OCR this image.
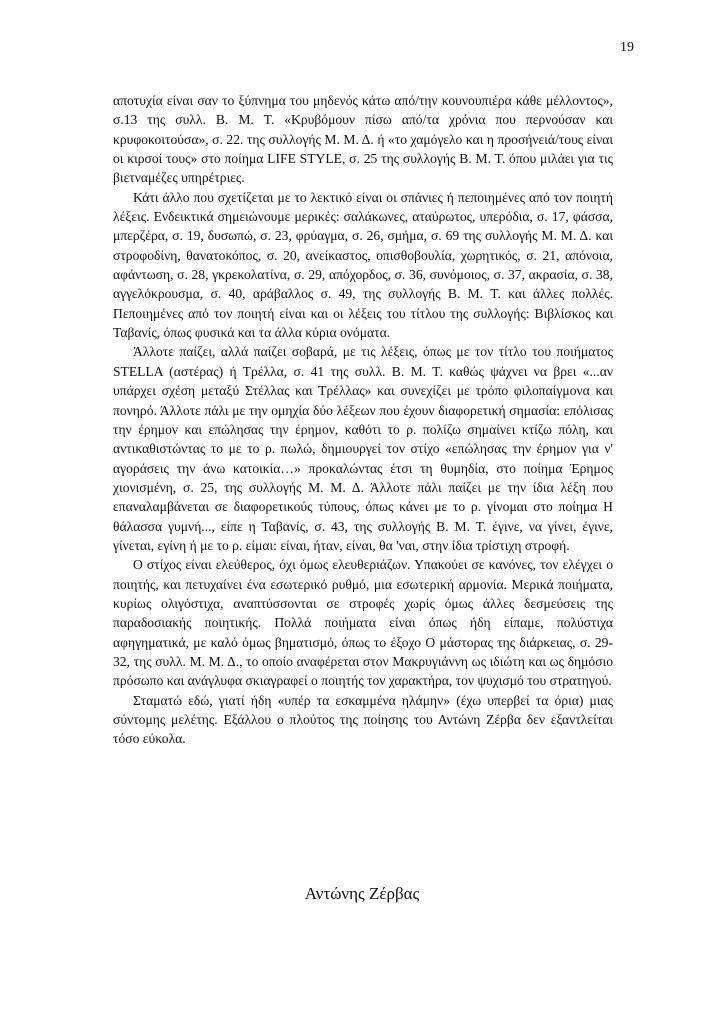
19

αποτυχία είναι σαν το ξύπνημα του μηδενός κάτω από/την κουνουπιέρα κάθε μέλλοντος», σ.13 της συλλ. Β. Μ. Τ. «Κρυβόμουν πίσω από/τα χρόνια που περνούσαν και κρυφοκοιτούσα», σ. 22. της συλλογής Μ. Μ. Δ. ή «το χαμόγελο και η προσήνειά/τους είναι οι κιρσοί τους» στο ποίημα LIFE STYLE, σ. 25 της συλλογής Β. Μ. Τ. όπου μιλάει για τις βιετναμέζες υπηρέτριες.

Κάτι άλλο που σχετίζεται με το λεκτικό είναι οι σπάνιες ή πεποιημένες από τον ποιητή λέξεις. Ενδεικτικά σημειώνουμε μερικές: σαλάκωνες, αταύρωτος, υπερόδια, σ. 17, φάσσα, μπερζέρα, σ. 19, δυσωπώ, σ. 23, φρύαγμα, σ. 26, σμήμα, σ. 69 της συλλογής Μ. Μ. Δ. και στροφοδίνη, θανατοκόπος, σ. 20, ανείκαστος, οπισθοβουλία, χωρητικός, σ. 21, απόνοια, αφάντωση, σ. 28, γκρεκολατίνα, σ. 29, απόχορδος, σ. 36, συνόμοιος, σ. 37, ακρασία, σ. 38, αγγελόκρουσμα, σ. 40, αράβαλλος σ. 49, της συλλογής Β. Μ. Τ. και άλλες πολλές. Πεποιημένες από τον ποιητή είναι και οι λέξεις του τίτλου της συλλογής: Βιβλίσκος και Ταβανίς, όπως φυσικά και τα άλλα κύρια ονόματα.

Άλλοτε παίζει, αλλά παίζει σοβαρά, με τις λέξεις, όπως με τον τίτλο του ποιήματος STELLA (αστέρας) ή Τρέλλα, σ. 41 της συλλ. Β. Μ. Τ. καθώς ψάχνει να βρει «...αν υπάρχει σχέση μεταξύ Στέλλας και Τρέλλας» και συνεχίζει με τρόπο φιλοπαίγμονα και πονηρό. Άλλοτε πάλι με την ομηχία δύο λέξεων που έχουν διαφορετική σημασία: επόλισας την έρημον και επώλησας την έρημον, καθότι το ρ. πολίζω σημαίνει κτίζω πόλη, και αντικαθιστώντας το με το ρ. πωλώ, δημιουργεί τον στίχο «επώλησας την έρημον για ν' αγοράσεις την άνω κατοικία…» προκαλώντας έτσι τη θυμηδία, στο ποίημα Έρημος χιονισμένη, σ. 25, της συλλογής Μ. Μ. Δ. Άλλοτε πάλι παίζει με την ίδια λέξη που επαναλαμβάνεται σε διαφορετικούς τύπους, όπως κάνει με το ρ. γίνομαι στο ποίημα Η θάλασσα γυμνή..., είπε η Ταβανίς, σ. 43, της συλλογής Β. Μ. Τ. έγινε, να γίνει, έγινε, γίνεται, εγίνη ή με το ρ. είμαι: είναι, ήταν, είναι, θα 'ναι, στην ίδια τρίστιχη στροφή.

Ο στίχος είναι ελεύθερος, όχι όμως ελευθεριάζων. Υπακούει σε κανόνες, τον ελέγχει ο ποιητής, και πετυχαίνει ένα εσωτερικό ρυθμό, μια εσωτερική αρμονία. Μερικά ποιήματα, κυρίως ολιγόστιχα, αναπτύσσονται σε στροφές χωρίς όμως άλλες δεσμεύσεις της παραδοσιακής ποιητικής. Πολλά ποιήματα είναι όπως ήδη είπαμε, πολύστιχα αφηγηματικά, με καλό όμως βηματισμό, όπως το έξοχο Ο μάστορας της διάρκειας, σ. 29-32, της συλλ. Μ. Μ. Δ., το οποίο αναφέρεται στον Μακρυγιάννη ως ιδιώτη και ως δημόσιο πρόσωπο και ανάγλυφα σκιαγραφεί ο ποιητής τον χαρακτήρα, τον ψυχισμό του στρατηγού.

Σταματώ εδώ, γιατί ήδη «υπέρ τα εσκαμμένα ηλάμην» (έχω υπερβεί τα όρια) μιας σύντομης μελέτης. Εξάλλου ο πλούτος της ποίησης του Αντώνη Ζέρβα δεν εξαντλείται τόσο εύκολα.

Αντώνης Ζέρβας
